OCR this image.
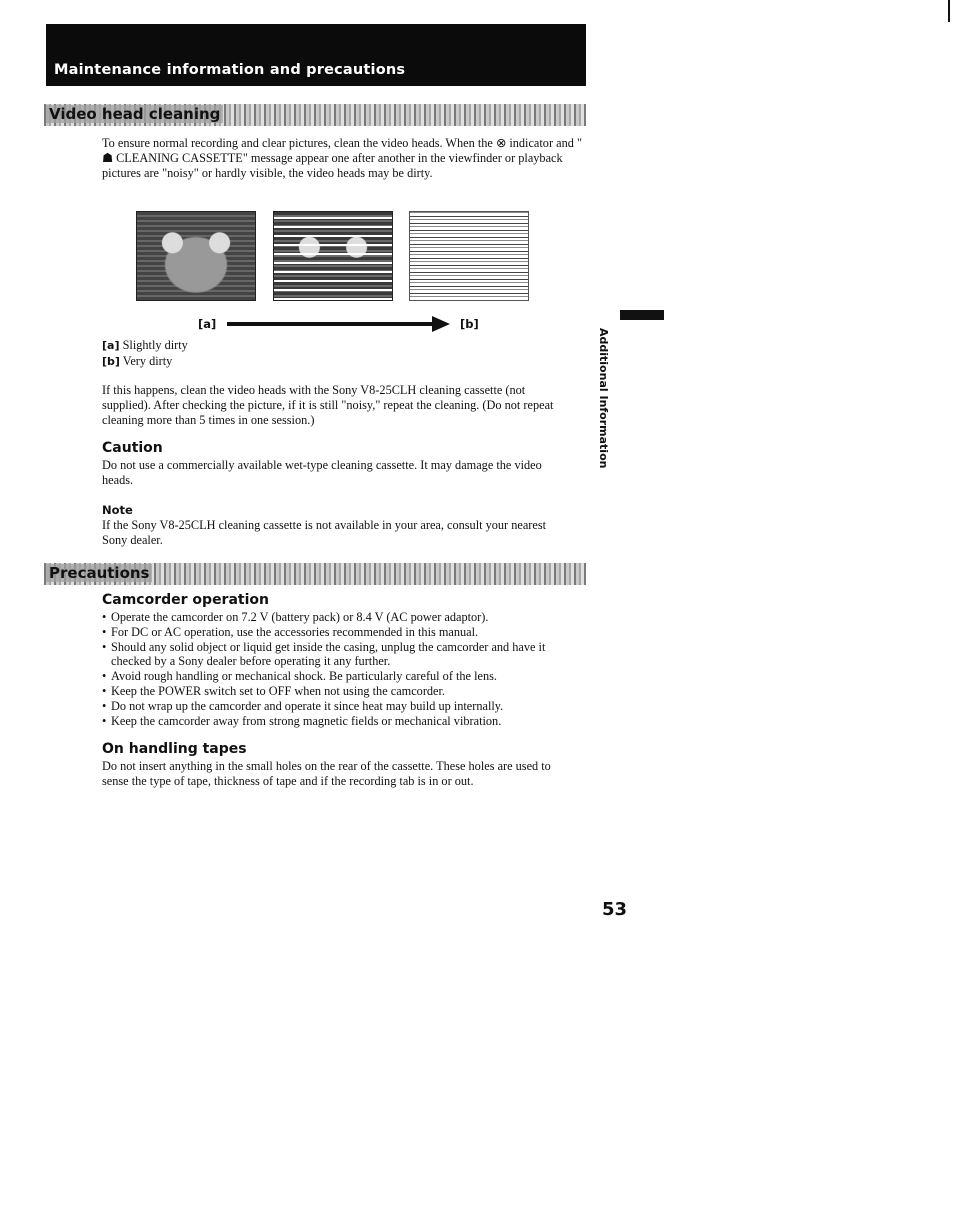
Maintenance information and precautions
Video head cleaning
To ensure normal recording and clear pictures, clean the video heads. When the ⊗ indicator and " ☗ CLEANING CASSETTE" message appear one after another in the viewfinder or playback pictures are "noisy" or hardly visible, the video heads may be dirty.
[a]	[b]
[a] Slightly dirty
[b] Very dirty
If this happens, clean the video heads with the Sony V8-25CLH cleaning cassette (not supplied). After checking the picture, if it is still "noisy," repeat the cleaning. (Do not repeat cleaning more than 5 times in one session.)
Caution
Do not use a commercially available wet-type cleaning cassette. It may damage the video heads.
Note
If the Sony V8-25CLH cleaning cassette is not available in your area, consult your nearest Sony dealer.
Precautions
Camcorder operation
• Operate the camcorder on 7.2 V (battery pack) or 8.4 V (AC power adaptor).
• For DC or AC operation, use the accessories recommended in this manual.
• Should any solid object or liquid get inside the casing, unplug the camcorder and have it checked by a Sony dealer before operating it any further.
• Avoid rough handling or mechanical shock. Be particularly careful of the lens.
• Keep the POWER switch set to OFF when not using the camcorder.
• Do not wrap up the camcorder and operate it since heat may build up internally.
• Keep the camcorder away from strong magnetic fields or mechanical vibration.
On handling tapes
Do not insert anything in the small holes on the rear of the cassette. These holes are used to sense the type of tape, thickness of tape and if the recording tab is in or out.
Additional Information
53
